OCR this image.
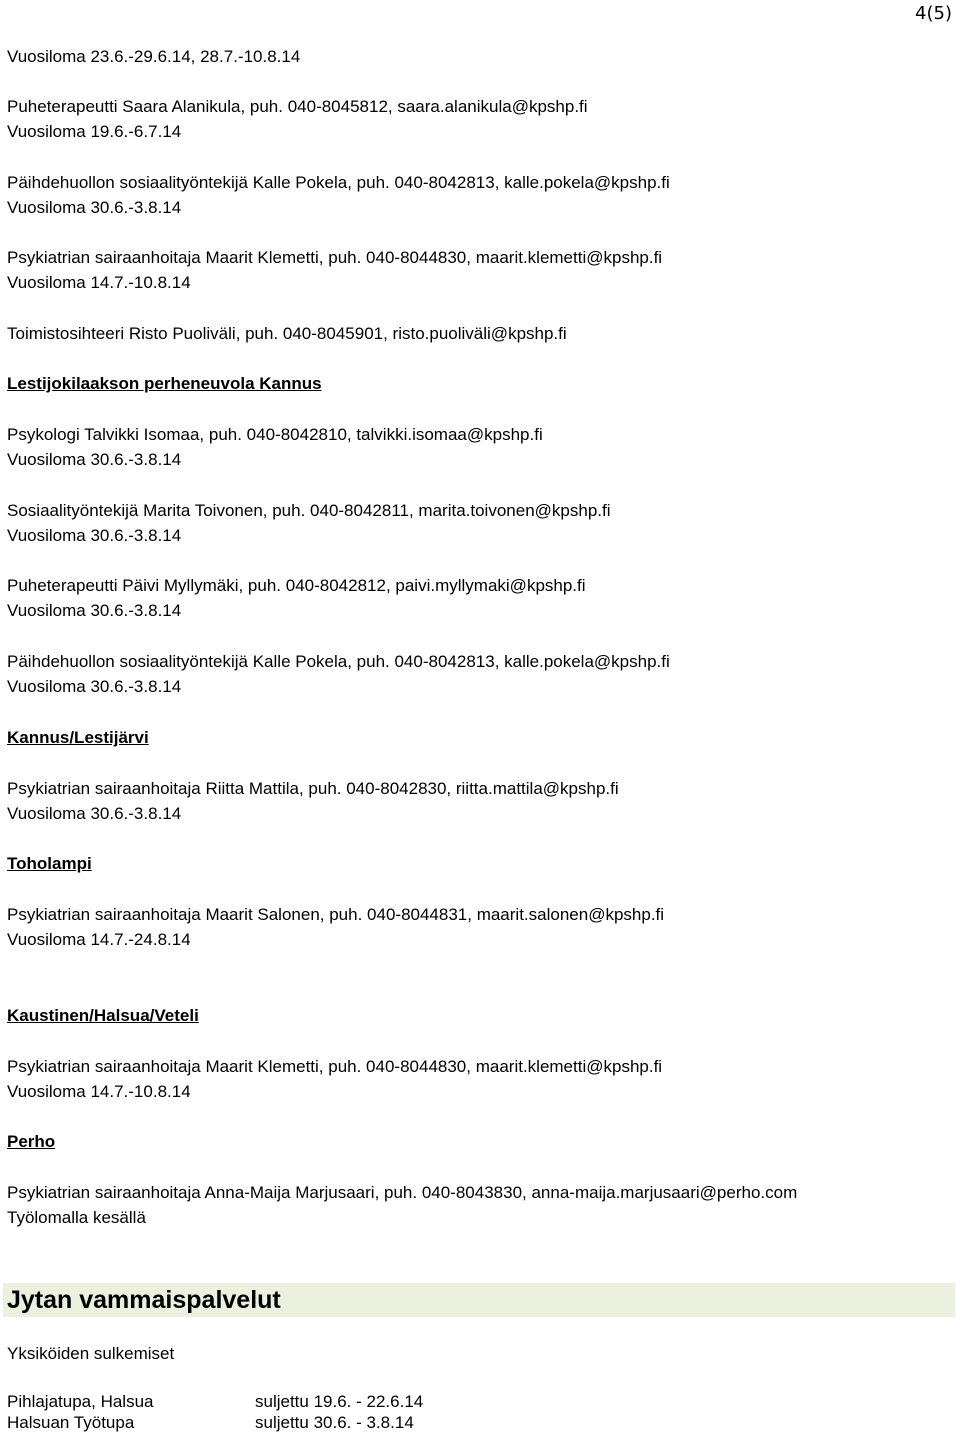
4(5)
Vuosiloma 23.6.-29.6.14, 28.7.-10.8.14
Puheterapeutti Saara Alanikula, puh. 040-8045812, saara.alanikula@kpshp.fi
Vuosiloma 19.6.-6.7.14
Päihdehuollon sosiaalityöntekijä Kalle Pokela, puh. 040-8042813, kalle.pokela@kpshp.fi
Vuosiloma 30.6.-3.8.14
Psykiatrian sairaanhoitaja Maarit Klemetti, puh. 040-8044830, maarit.klemetti@kpshp.fi
Vuosiloma 14.7.-10.8.14
Toimistosihteeri Risto Puoliväli, puh. 040-8045901, risto.puoliväli@kpshp.fi
Lestijokilaakson perheneuvola Kannus
Psykologi Talvikki Isomaa, puh. 040-8042810, talvikki.isomaa@kpshp.fi
Vuosiloma 30.6.-3.8.14
Sosiaalityöntekijä Marita Toivonen, puh. 040-8042811, marita.toivonen@kpshp.fi
Vuosiloma 30.6.-3.8.14
Puheterapeutti Päivi Myllymäki, puh. 040-8042812, paivi.myllymaki@kpshp.fi
Vuosiloma 30.6.-3.8.14
Päihdehuollon sosiaalityöntekijä Kalle Pokela, puh. 040-8042813, kalle.pokela@kpshp.fi
Vuosiloma 30.6.-3.8.14
Kannus/Lestijärvi
Psykiatrian sairaanhoitaja Riitta Mattila, puh. 040-8042830, riitta.mattila@kpshp.fi
Vuosiloma 30.6.-3.8.14
Toholampi
Psykiatrian sairaanhoitaja Maarit Salonen, puh. 040-8044831, maarit.salonen@kpshp.fi
Vuosiloma 14.7.-24.8.14
Kaustinen/Halsua/Veteli
Psykiatrian sairaanhoitaja Maarit Klemetti, puh. 040-8044830, maarit.klemetti@kpshp.fi
Vuosiloma 14.7.-10.8.14
Perho
Psykiatrian sairaanhoitaja Anna-Maija Marjusaari, puh. 040-8043830, anna-maija.marjusaari@perho.com
Työlomalla kesällä
Jytan vammaispalvelut
Yksiköiden sulkemiset
Pihlajatupa, Halsua	suljettu 19.6. - 22.6.14
Halsuan Työtupa	suljettu 30.6. - 3.8.14
